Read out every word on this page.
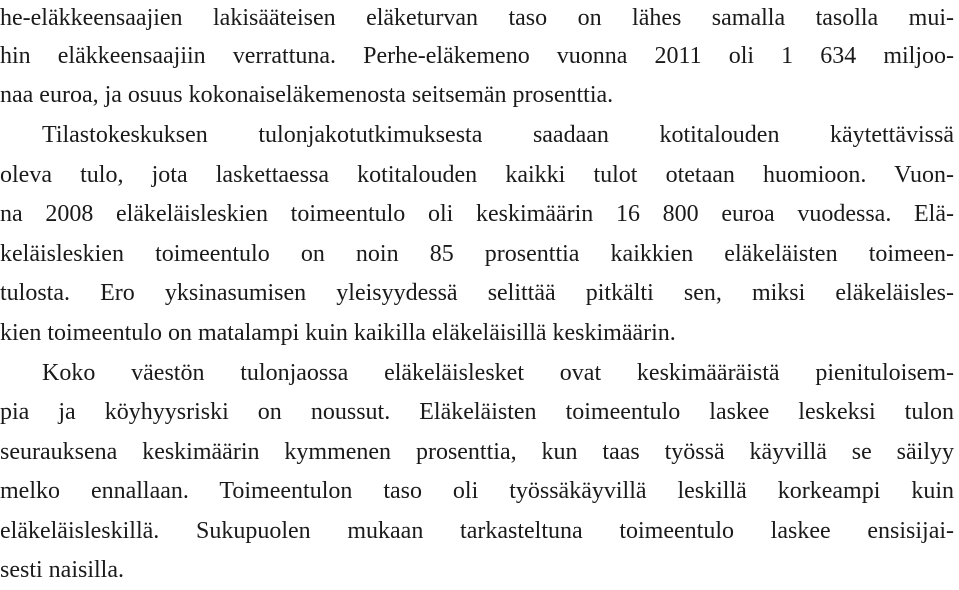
he-eläkkeensaajien lakisääteisen eläketurvan taso on lähes samalla tasolla mui-
hin eläkkeensaajiin verrattuna. Perhe-eläkemeno vuonna 2011 oli 1 634 miljoo-
naa euroa, ja osuus kokonaiseläkemenosta seitsemän prosenttia.
Tilastokeskuksen tulonjakotutkimuksesta saadaan kotitalouden käytettävissä
oleva tulo, jota laskettaessa kotitalouden kaikki tulot otetaan huomioon. Vuon-
na 2008 eläkeläisleskien toimeentulo oli keskimäärin 16 800 euroa vuodessa. Elä-
keläisleskien toimeentulo on noin 85 prosenttia kaikkien eläkeläisten toimeen-
tulosta. Ero yksinasumisen yleisyydessä selittää pitkälti sen, miksi eläkeläisles-
kien toimeentulo on matalampi kuin kaikilla eläkeläisillä keskimäärin.
Koko väestön tulonjaossa eläkeläislesket ovat keskimääräistä pienituloisem-
pia ja köyhyysriski on noussut. Eläkeläisten toimeentulo laskee leskeksi tulon
seurauksena keskimäärin kymmenen prosenttia, kun taas työssä käyvillä se säilyy
melko ennallaan. Toimeentulon taso oli työssäkäyvillä leskillä korkeampi kuin
eläkeläisleskillä. Sukupuolen mukaan tarkasteltuna toimeentulo laskee ensisijai-
sesti naisilla.
